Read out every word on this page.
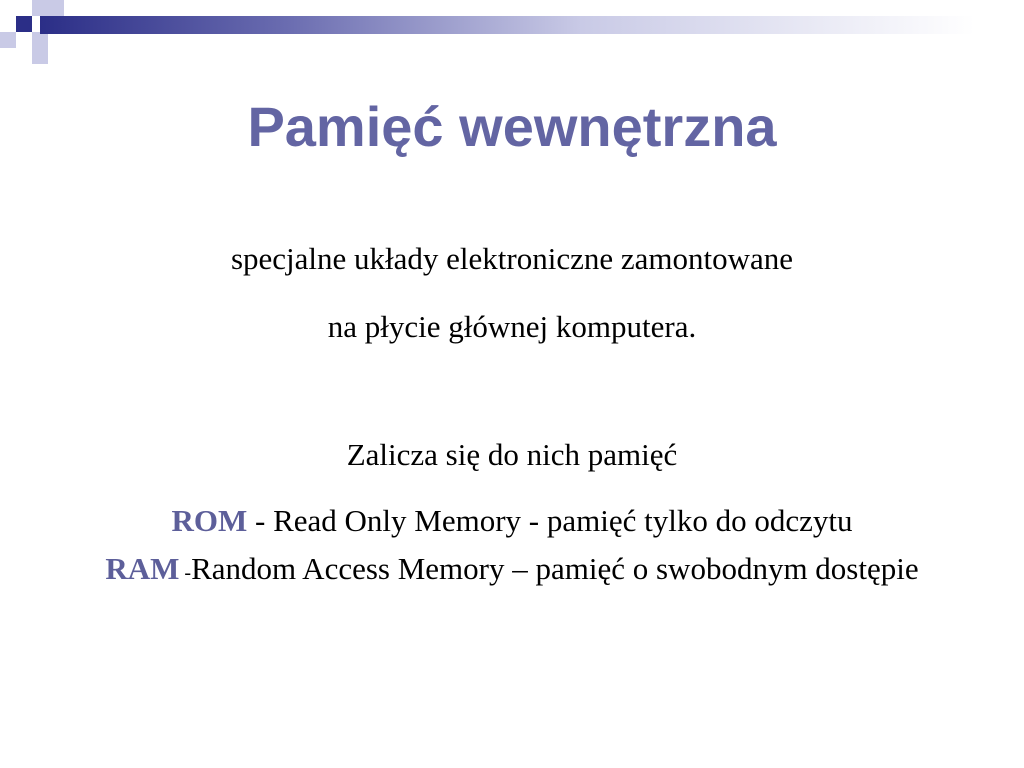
Pamięć wewnętrzna
specjalne układy elektroniczne zamontowane
na płycie głównej komputera.
Zalicza się do nich pamięć
ROM - Read Only Memory - pamięć tylko do odczytu
RAM -Random Access Memory – pamięć o swobodnym dostępie
